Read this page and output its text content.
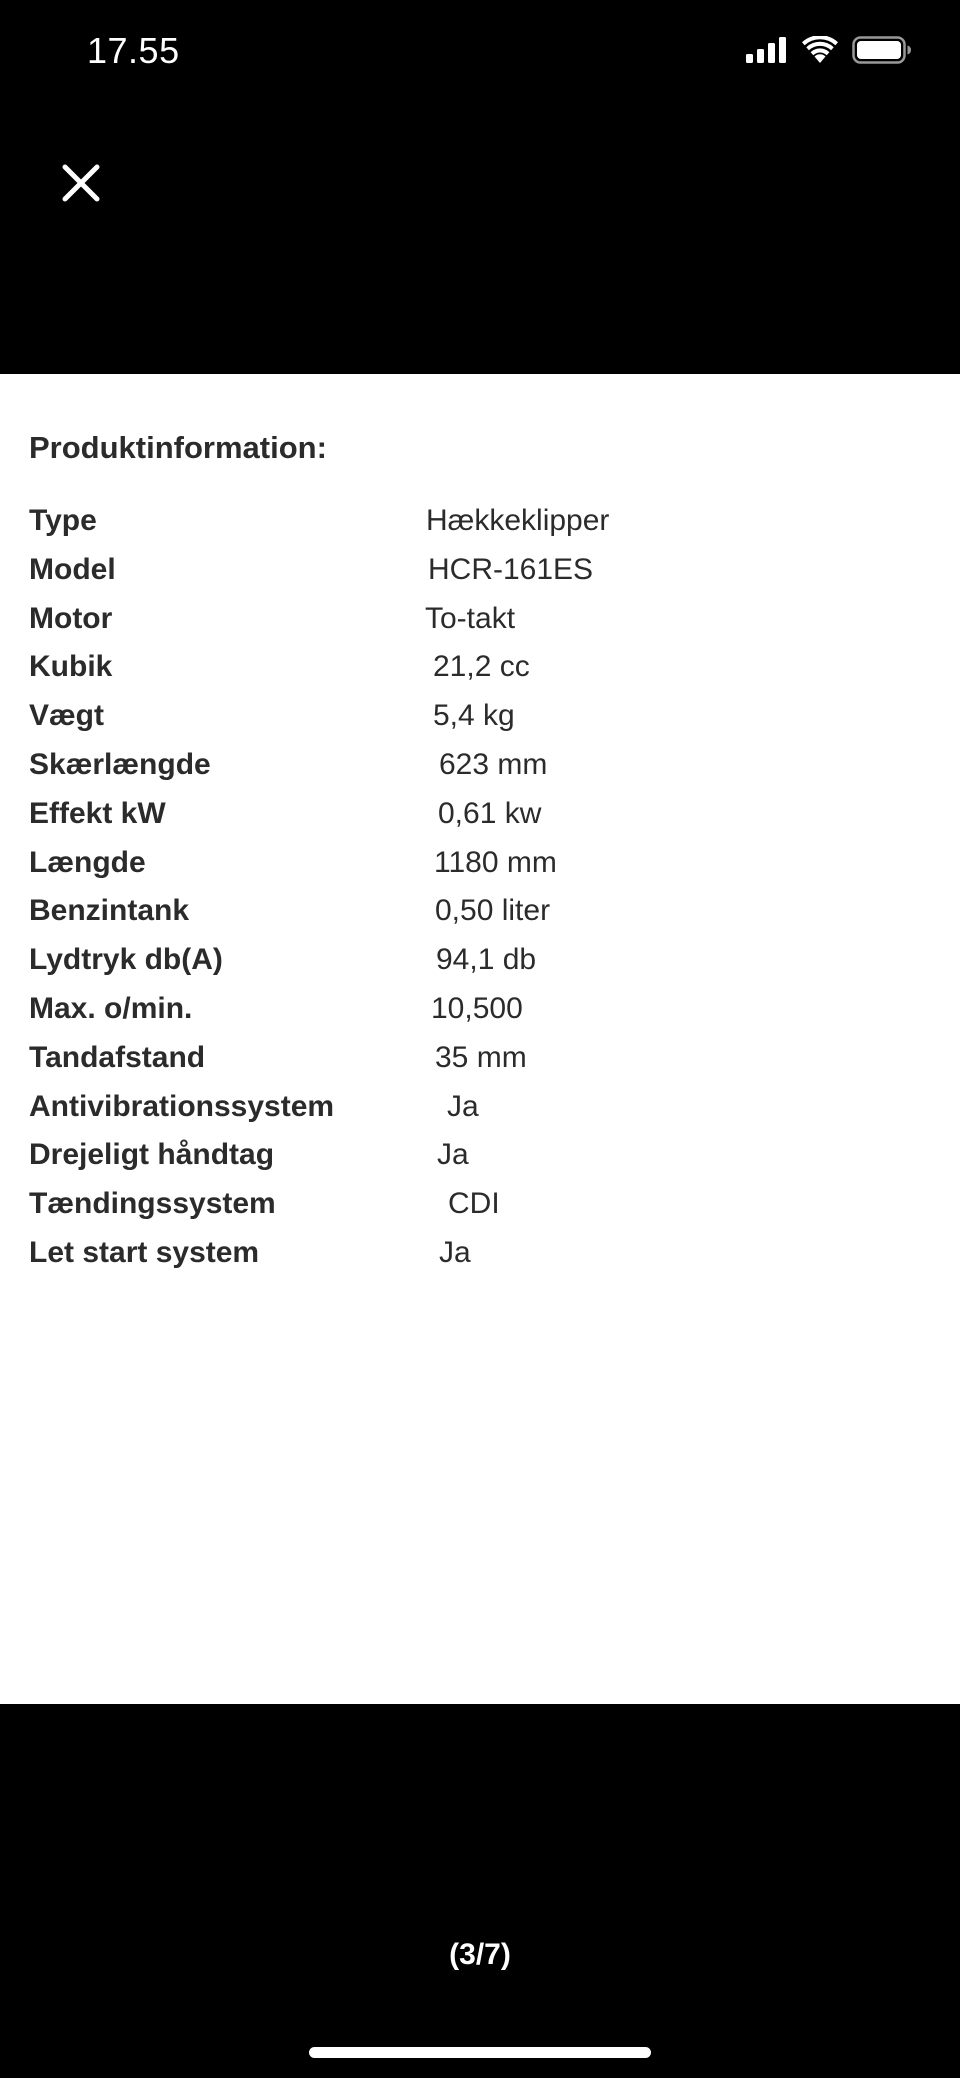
17.55
Produktinformation:
Type	Hækkeklipper
Model	HCR-161ES
Motor	To-takt
Kubik	21,2 cc
Vægt	5,4 kg
Skærlængde	623 mm
Effekt kW	0,61 kw
Længde	1180 mm
Benzintank	0,50 liter
Lydtryk db(A)	94,1 db
Max. o/min.	10,500
Tandafstand	35 mm
Antivibrationssystem	Ja
Drejeligt håndtag	Ja
Tændingssystem	CDI
Let start system	Ja
(3/7)
